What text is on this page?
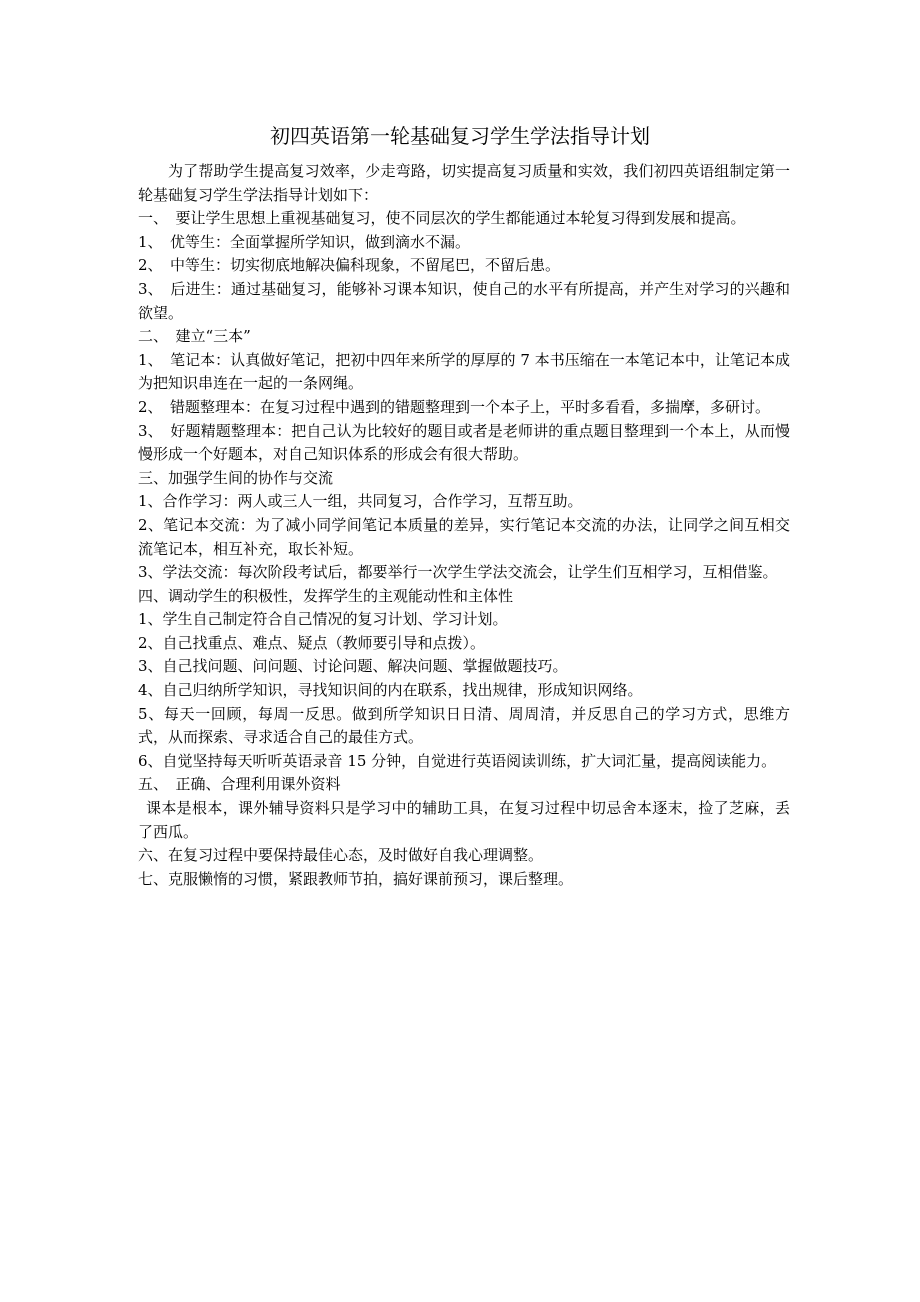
初四英语第一轮基础复习学生学法指导计划

为了帮助学生提高复习效率，少走弯路，切实提高复习质量和实效，我们初四英语组制定第一轮基础复习学生学法指导计划如下：

一、　要让学生思想上重视基础复习，使不同层次的学生都能通过本轮复习得到发展和提高。

1、　优等生：全面掌握所学知识，做到滴水不漏。

2、　中等生：切实彻底地解决偏科现象，不留尾巴，不留后患。

3、　后进生：通过基础复习，能够补习课本知识，使自己的水平有所提高，并产生对学习的兴趣和欲望。

二、　建立“三本”

1、　笔记本：认真做好笔记，把初中四年来所学的厚厚的 7 本书压缩在一本笔记本中，让笔记本成为把知识串连在一起的一条网绳。

2、　错题整理本：在复习过程中遇到的错题整理到一个本子上，平时多看看，多揣摩，多研讨。

3、　好题精题整理本：把自己认为比较好的题目或者是老师讲的重点题目整理到一个本上，从而慢慢形成一个好题本，对自己知识体系的形成会有很大帮助。

三、加强学生间的协作与交流

1、合作学习：两人或三人一组，共同复习，合作学习，互帮互助。

2、笔记本交流：为了减小同学间笔记本质量的差异，实行笔记本交流的办法，让同学之间互相交流笔记本，相互补充，取长补短。

3、学法交流：每次阶段考试后，都要举行一次学生学法交流会，让学生们互相学习，互相借鉴。

四、调动学生的积极性，发挥学生的主观能动性和主体性

1、学生自己制定符合自己情况的复习计划、学习计划。

2、自己找重点、难点、疑点（教师要引导和点拨）。

3、自己找问题、问问题、讨论问题、解决问题、掌握做题技巧。

4、自己归纳所学知识，寻找知识间的内在联系，找出规律，形成知识网络。

5、每天一回顾，每周一反思。做到所学知识日日清、周周清，并反思自己的学习方式，思维方式，从而探索、寻求适合自己的最佳方式。

6、自觉坚持每天听听英语录音 15 分钟，自觉进行英语阅读训练，扩大词汇量，提高阅读能力。

五、　正确、合理利用课外资料

课本是根本，课外辅导资料只是学习中的辅助工具，在复习过程中切忌舍本逐末，捡了芝麻，丢了西瓜。

六、在复习过程中要保持最佳心态，及时做好自我心理调整。

七、克服懒惰的习惯，紧跟教师节拍，搞好课前预习，课后整理。
